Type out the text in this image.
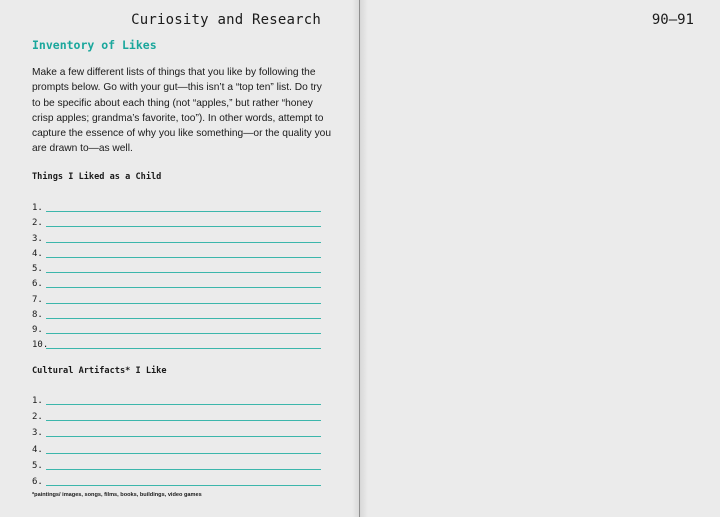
Curiosity and Research
Inventory of Likes

Make a few different lists of things that you like by following the prompts below. Go with your gut—this isn’t a “top ten” list. Do try to be specific about each thing (not “apples,” but rather “honey crisp apples; grandma’s favorite, too”). In other words, attempt to capture the essence of why you like something—or the quality you are drawn to—as well.

Things I Liked as a Child
1.
2.
3.
4.
5.
6.
7.
8.
9.
10.
Cultural Artifacts* I Like
1.
2.
3.
4.
5.
6.
*paintings/ images, songs, films, books, buildings, video games
90–91
